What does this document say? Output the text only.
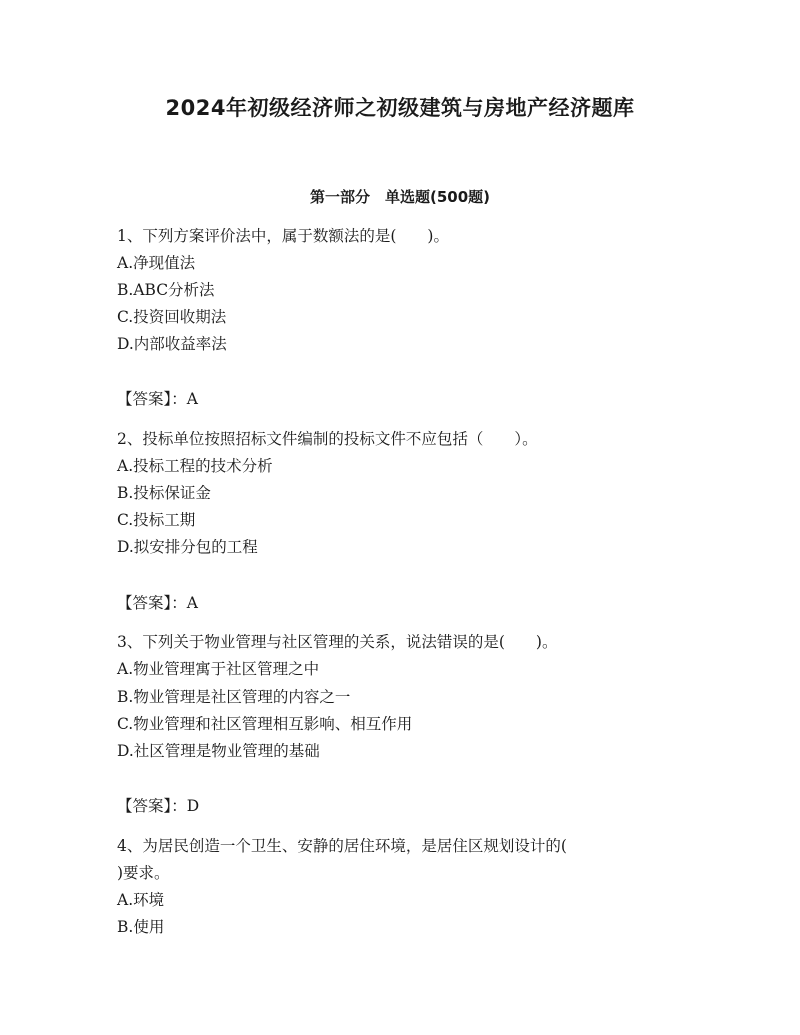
2024年初级经济师之初级建筑与房地产经济题库
第一部分　单选题(500题)
1、下列方案评价法中，属于数额法的是(　　)。
A.净现值法
B.ABC分析法
C.投资回收期法
D.内部收益率法
【答案】：A
2、投标单位按照招标文件编制的投标文件不应包括（　　）。
A.投标工程的技术分析
B.投标保证金
C.投标工期
D.拟安排分包的工程
【答案】：A
3、下列关于物业管理与社区管理的关系，说法错误的是(　　)。
A.物业管理寓于社区管理之中
B.物业管理是社区管理的内容之一
C.物业管理和社区管理相互影响、相互作用
D.社区管理是物业管理的基础
【答案】：D
4、为居民创造一个卫生、安静的居住环境，是居住区规划设计的(
)要求。
A.环境
B.使用
